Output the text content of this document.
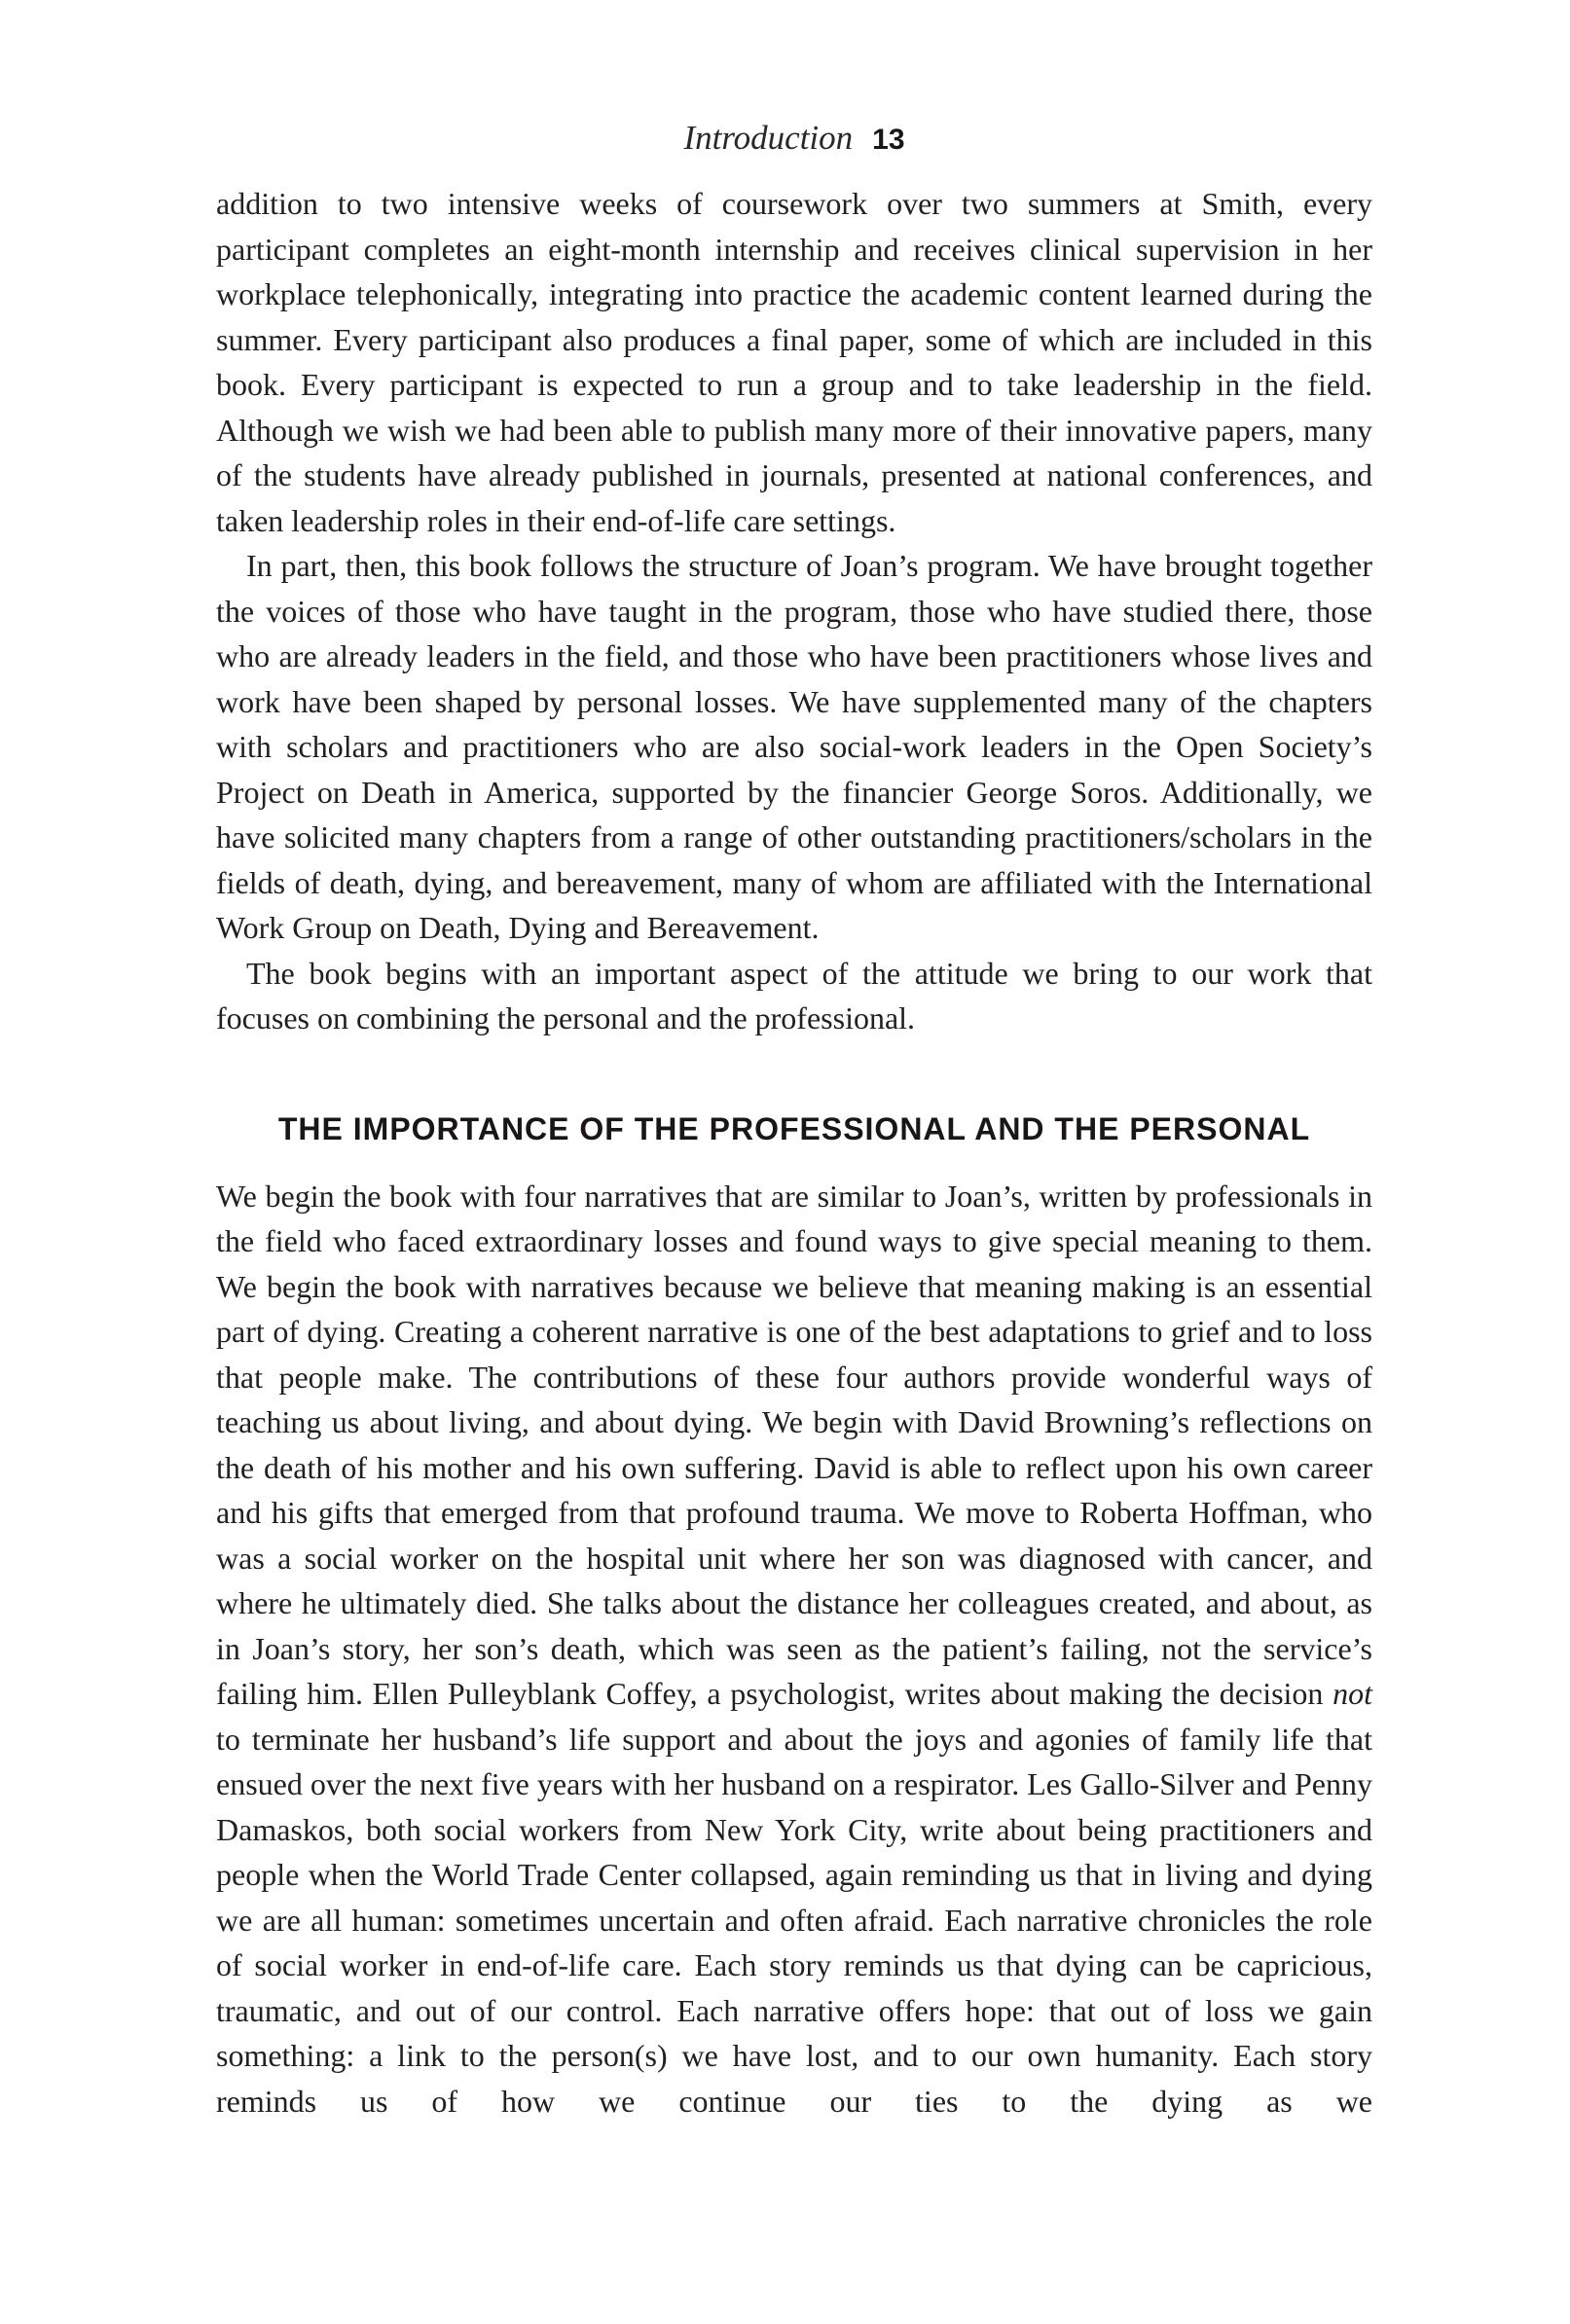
Introduction 13

addition to two intensive weeks of coursework over two summers at Smith, every participant completes an eight-month internship and receives clinical supervision in her workplace telephonically, integrating into practice the academic content learned during the summer. Every participant also produces a final paper, some of which are included in this book. Every participant is expected to run a group and to take leadership in the field. Although we wish we had been able to publish many more of their innovative papers, many of the students have already published in journals, presented at national conferences, and taken leadership roles in their end-of-life care settings.

In part, then, this book follows the structure of Joan’s program. We have brought together the voices of those who have taught in the program, those who have studied there, those who are already leaders in the field, and those who have been practitioners whose lives and work have been shaped by personal losses. We have supplemented many of the chapters with scholars and practitioners who are also social-work leaders in the Open Society’s Project on Death in America, supported by the financier George Soros. Additionally, we have solicited many chapters from a range of other outstanding practitioners/scholars in the fields of death, dying, and bereavement, many of whom are affiliated with the International Work Group on Death, Dying and Bereavement.

The book begins with an important aspect of the attitude we bring to our work that focuses on combining the personal and the professional.

THE IMPORTANCE OF THE PROFESSIONAL AND THE PERSONAL

We begin the book with four narratives that are similar to Joan’s, written by professionals in the field who faced extraordinary losses and found ways to give special meaning to them. We begin the book with narratives because we believe that meaning making is an essential part of dying. Creating a coherent narrative is one of the best adaptations to grief and to loss that people make. The contributions of these four authors provide wonderful ways of teaching us about living, and about dying. We begin with David Browning’s reflections on the death of his mother and his own suffering. David is able to reflect upon his own career and his gifts that emerged from that profound trauma. We move to Roberta Hoffman, who was a social worker on the hospital unit where her son was diagnosed with cancer, and where he ultimately died. She talks about the distance her colleagues created, and about, as in Joan’s story, her son’s death, which was seen as the patient’s failing, not the service’s failing him. Ellen Pulleyblank Coffey, a psychologist, writes about making the decision not to terminate her husband’s life support and about the joys and agonies of family life that ensued over the next five years with her husband on a respirator. Les Gallo-Silver and Penny Damaskos, both social workers from New York City, write about being practitioners and people when the World Trade Center collapsed, again reminding us that in living and dying we are all human: sometimes uncertain and often afraid. Each narrative chronicles the role of social worker in end-of-life care. Each story reminds us that dying can be capricious, traumatic, and out of our control. Each narrative offers hope: that out of loss we gain something: a link to the person(s) we have lost, and to our own humanity. Each story reminds us of how we continue our ties to the dying as we
